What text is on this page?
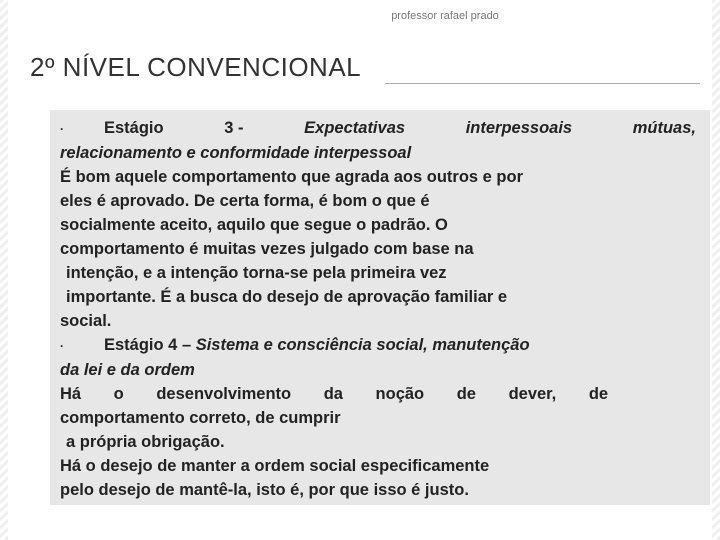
professor rafael prado
2º NÍVEL CONVENCIONAL
· Estágio	3 -	Expectativas	interpessoais	mútuas,
relacionamento e conformidade interpessoal
É bom aquele comportamento que agrada aos outros e por
eles é aprovado. De certa forma, é bom o que é
socialmente aceito, aquilo que segue o padrão. O
comportamento é muitas vezes julgado com base na
intenção, e a intenção torna-se pela primeira vez
importante. É a busca do desejo de aprovação familiar e
social.
· Estágio 4 – Sistema e consciência social, manutenção
da lei e da ordem
Há o desenvolvimento da noção de dever, de
comportamento correto, de cumprir
a própria obrigação.
Há o desejo de manter a ordem social especificamente
pelo desejo de mantê-la, isto é, por que isso é justo.
